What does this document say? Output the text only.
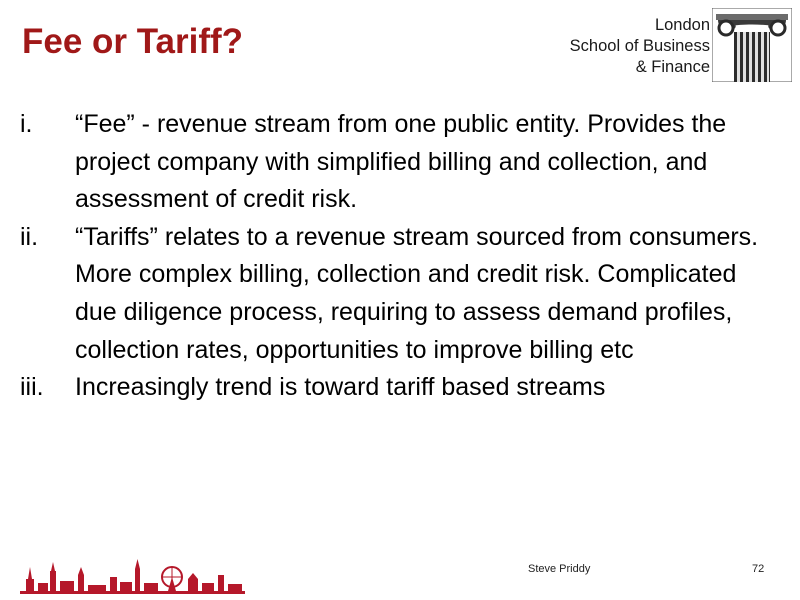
Fee or Tariff?	London
School of Business
& Finance
i.	“Fee” - revenue stream from one public entity. Provides the project company with simplified billing and collection, and assessment of credit risk.
ii.	“Tariffs” relates to a revenue stream sourced from consumers. More complex billing, collection and credit risk. Complicated due diligence process, requiring to assess demand profiles, collection rates, opportunities to improve billing etc
iii.	Increasingly trend is toward tariff based streams
Steve Priddy	72
